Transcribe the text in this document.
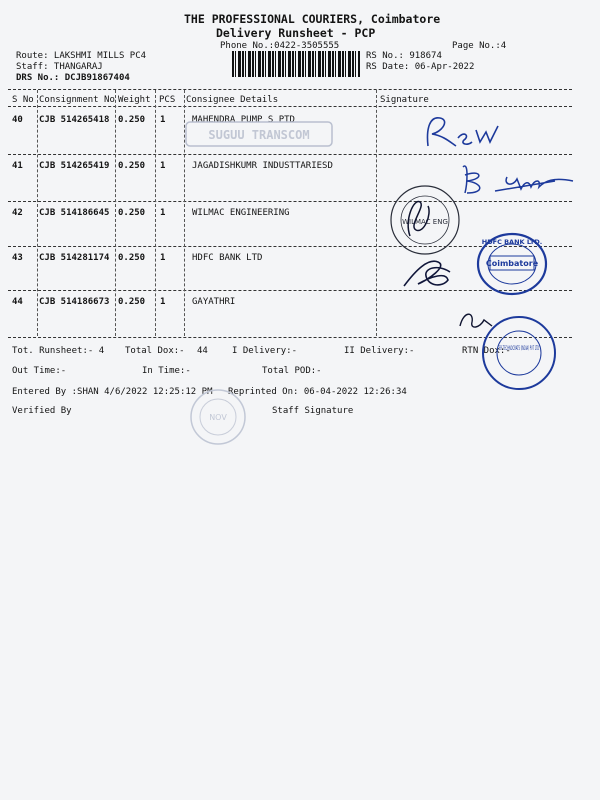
THE PROFESSIONAL COURIERS, Coimbatore
Delivery Runsheet - PCP
Phone No.:0422-3505555	Page No.:4
Route: LAKSHMI MILLS PC4
Staff: THANGARAJ
DRS No.: DCJB91867404
RS No.: 918674
RS Date: 06-Apr-2022
S No Consignment No Weight PCS Consignee Details	Signature
40 CJB 514265418 0.250 1	MAHENDRA PUMP S PTD
41 CJB 514265419 0.250 1	JAGADISHKUMR INDUSTTARIESD
42 CJB 514186645 0.250 1	WILMAC ENGINEERING
43 CJB 514281174 0.250 1	HDFC BANK LTD
44 CJB 514186673 0.250 1	GAYATHRI
Tot. Runsheet:- 4 Total Dox:- 44	I Delivery:-	II Delivery:-	RTN Dox:-
Out Time:-	In Time:-	Total POD:-
Entered By :SHAN 4/6/2022 12:25:12 PM Reprinted On: 06-04-2022 12:26:34
Verified By	Staff Signature
SUGUU TRANSCOM
WILMAC ENG
Coimbatore
HDFC BANK LTD.
ER TECHNOCRATS (INDIA) PVT LTD
NOV
